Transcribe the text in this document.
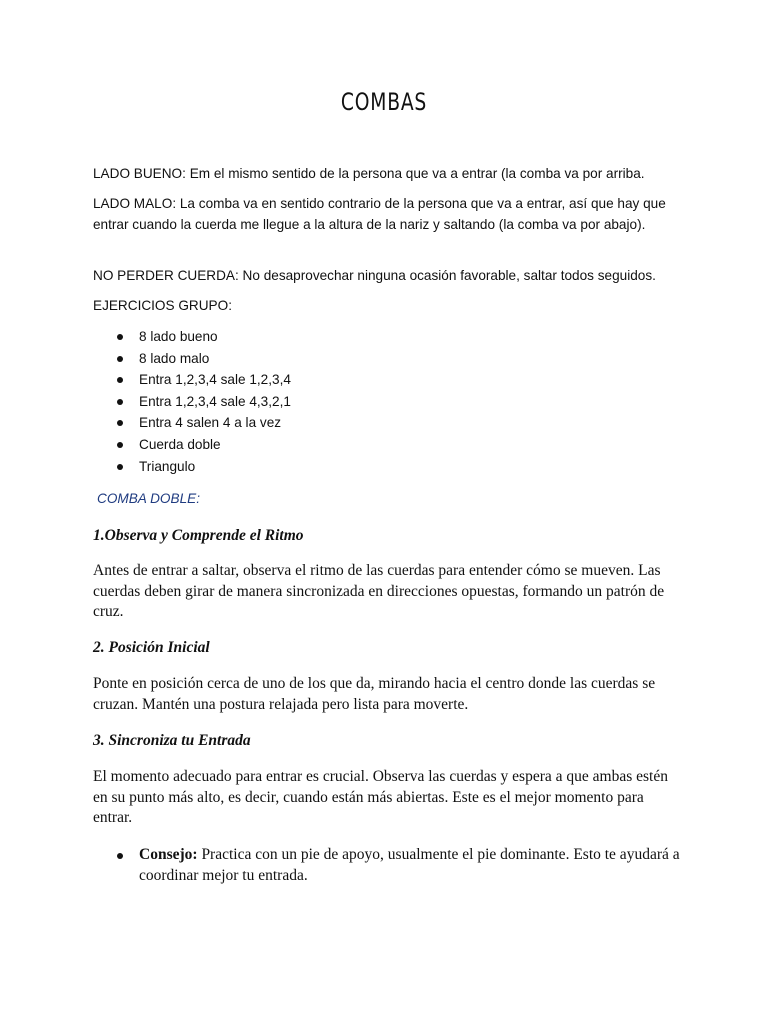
COMBAS

LADO BUENO: Em el mismo sentido de la persona que va a entrar (la comba va por arriba.

LADO MALO: La comba va en sentido contrario de la persona que va a entrar, así que hay que entrar cuando la cuerda me llegue a la altura de la nariz y saltando (la comba va por abajo).

NO PERDER CUERDA: No desaprovechar ninguna ocasión favorable, saltar todos seguidos.

EJERCICIOS GRUPO:

8 lado bueno
8 lado malo
Entra 1,2,3,4 sale 1,2,3,4
Entra 1,2,3,4 sale 4,3,2,1
Entra 4 salen 4 a la vez
Cuerda doble
Triangulo
COMBA DOBLE:
1.Observa y Comprende el Ritmo

Antes de entrar a saltar, observa el ritmo de las cuerdas para entender cómo se mueven. Las cuerdas deben girar de manera sincronizada en direcciones opuestas, formando un patrón de cruz.

2. Posición Inicial

Ponte en posición cerca de uno de los que da, mirando hacia el centro donde las cuerdas se cruzan. Mantén una postura relajada pero lista para moverte.

3. Sincroniza tu Entrada

El momento adecuado para entrar es crucial. Observa las cuerdas y espera a que ambas estén en su punto más alto, es decir, cuando están más abiertas. Este es el mejor momento para entrar.

Consejo: Practica con un pie de apoyo, usualmente el pie dominante. Esto te ayudará a coordinar mejor tu entrada.
